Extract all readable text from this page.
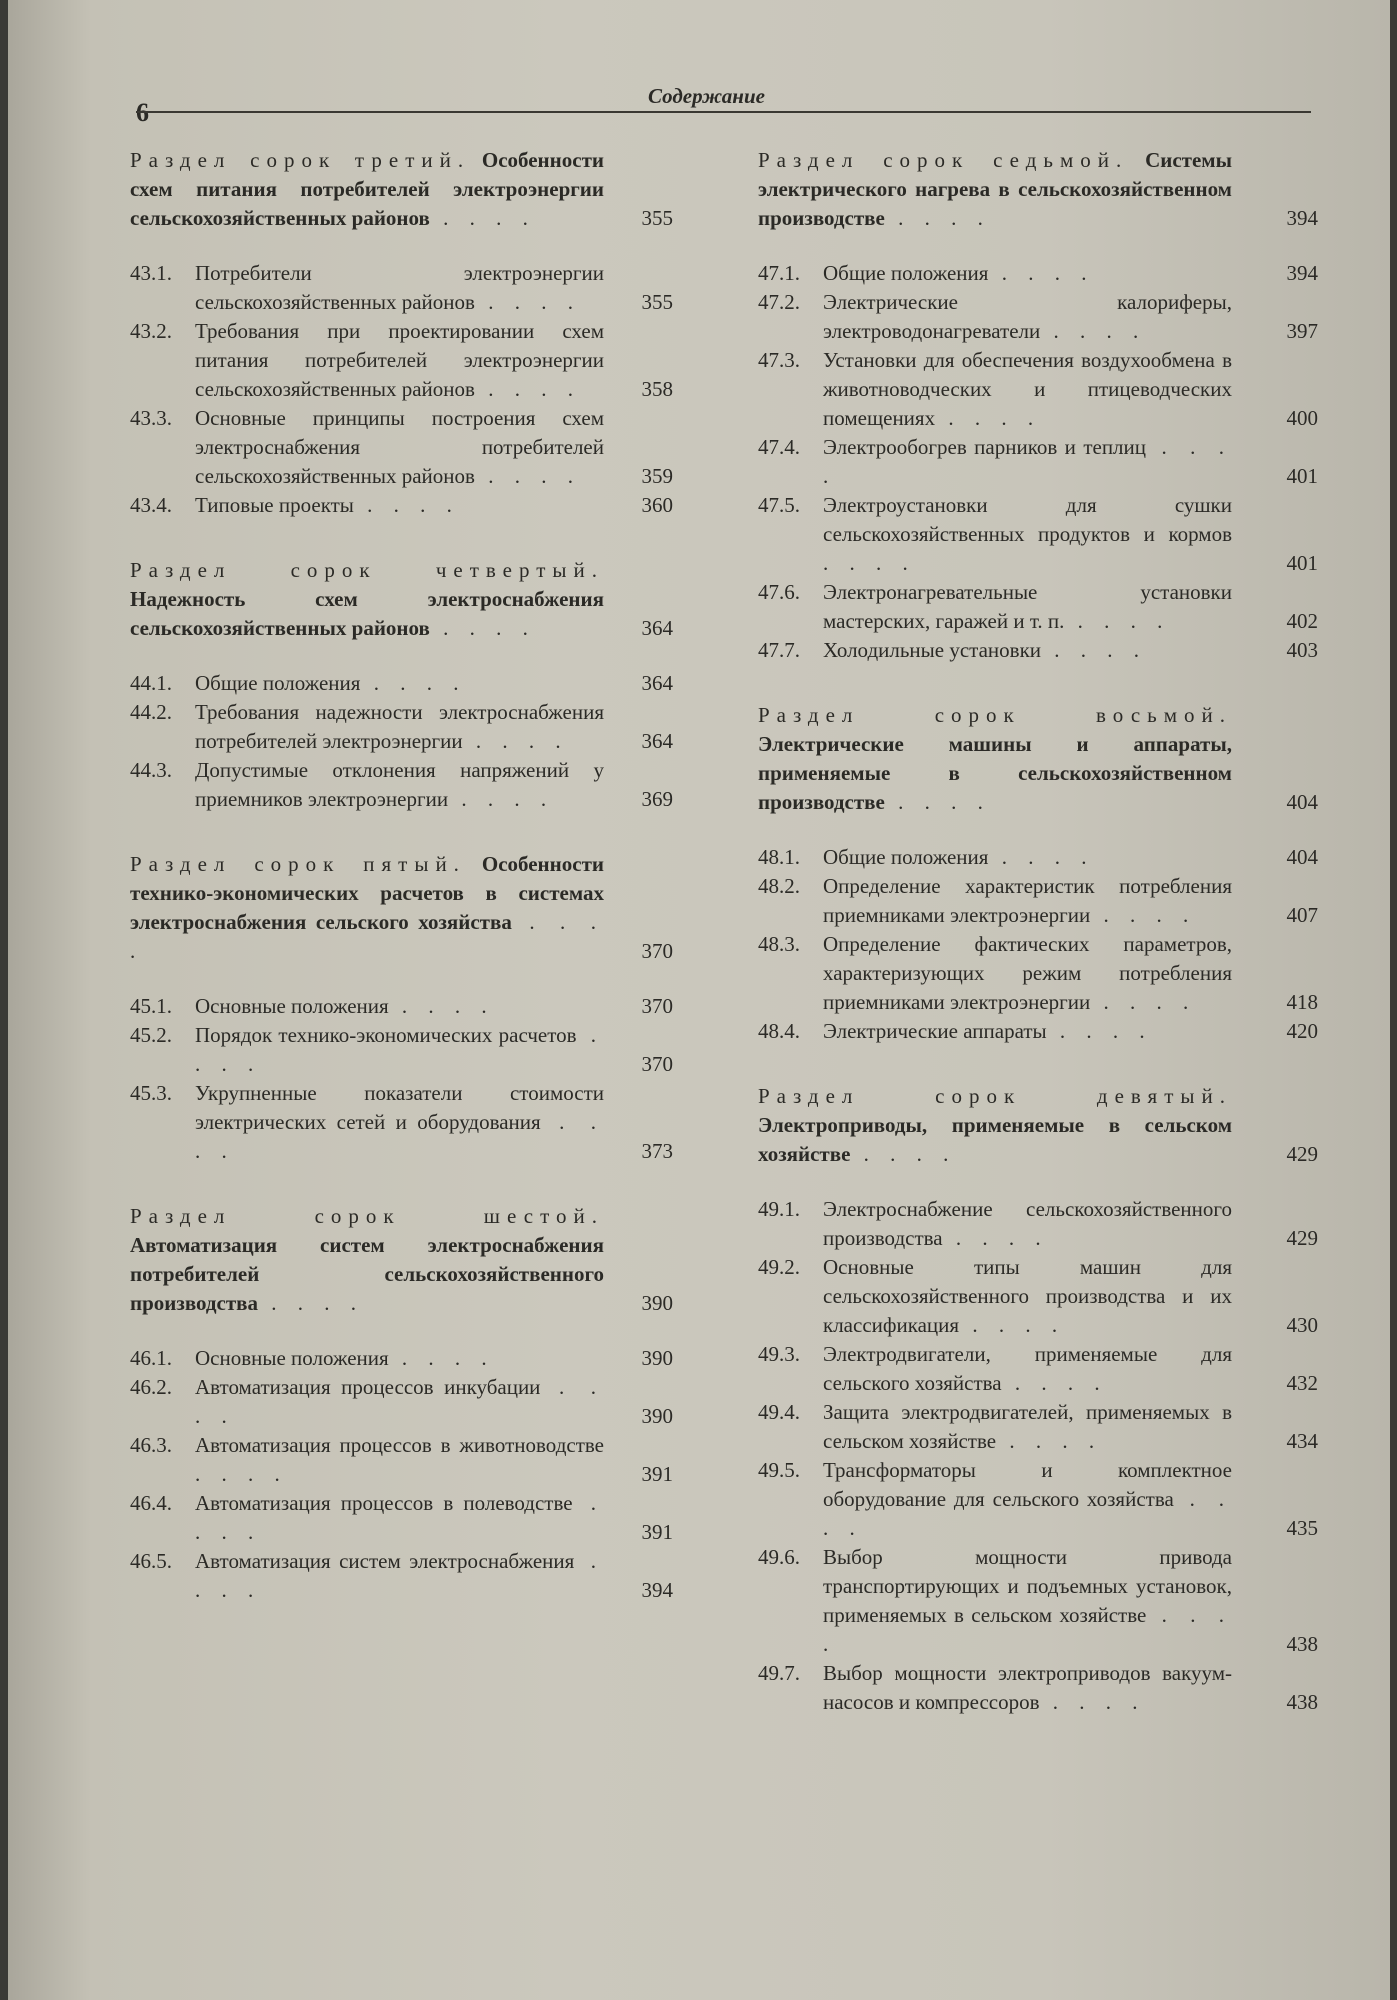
6
Содержание
Раздел сорок третий. Особенности схем питания потребителей электроэнергии сельскохозяйственных районов . . . .	355
43.1.	Потребители электроэнергии сельскохозяйственных районов . . . .	355
43.2.	Требования при проектировании схем питания потребителей электроэнергии сельскохозяйственных районов . . . .	358
43.3.	Основные принципы построения схем электроснабжения потребителей сельскохозяйственных районов . . . .	359
43.4.	Типовые проекты . . . .	360
Раздел сорок четвертый. Надежность схем электроснабжения сельскохозяйственных районов . . . .	364
44.1.	Общие положения . . . .	364
44.2.	Требования надежности электроснабжения потребителей электроэнергии . . . .	364
44.3.	Допустимые отклонения напряжений у приемников электроэнергии . . . .	369
Раздел сорок пятый. Особенности технико-экономических расчетов в системах электроснабжения сельского хозяйства . . . .	370
45.1.	Основные положения . . . .	370
45.2.	Порядок технико-экономических расчетов . . . .	370
45.3.	Укрупненные показатели стоимости электрических сетей и оборудования . . . .	373
Раздел сорок шестой. Автоматизация систем электроснабжения потребителей сельскохозяйственного производства . . . .	390
46.1.	Основные положения . . . .	390
46.2.	Автоматизация процессов инкубации . . . .	390
46.3.	Автоматизация процессов в животноводстве . . . .	391
46.4.	Автоматизация процессов в полеводстве . . . .	391
46.5.	Автоматизация систем электроснабжения . . . .	394
Раздел сорок седьмой. Системы электрического нагрева в сельскохозяйственном производстве . . . .	394
47.1.	Общие положения . . . .	394
47.2.	Электрические калориферы, электроводонагреватели . . . .	397
47.3.	Установки для обеспечения воздухообмена в животноводческих и птицеводческих помещениях . . . .	400
47.4.	Электрообогрев парников и теплиц . . . .	401
47.5.	Электроустановки для сушки сельскохозяйственных продуктов и кормов . . . .	401
47.6.	Электронагревательные установки мастерских, гаражей и т. п. . . . .	402
47.7.	Холодильные установки . . . .	403
Раздел сорок восьмой. Электрические машины и аппараты, применяемые в сельскохозяйственном производстве . . . .	404
48.1.	Общие положения . . . .	404
48.2.	Определение характеристик потребления приемниками электроэнергии . . . .	407
48.3.	Определение фактических параметров, характеризующих режим потребления приемниками электроэнергии . . . .	418
48.4.	Электрические аппараты . . . .	420
Раздел сорок девятый. Электроприводы, применяемые в сельском хозяйстве . . . .	429
49.1.	Электроснабжение сельскохозяйственного производства . . . .	429
49.2.	Основные типы машин для сельскохозяйственного производства и их классификация . . . .	430
49.3.	Электродвигатели, применяемые для сельского хозяйства . . . .	432
49.4.	Защита электродвигателей, применяемых в сельском хозяйстве . . . .	434
49.5.	Трансформаторы и комплектное оборудование для сельского хозяйства . . . .	435
49.6.	Выбор мощности привода транспортирующих и подъемных установок, применяемых в сельском хозяйстве . . . .	438
49.7.	Выбор мощности электроприводов вакуум-насосов и компрессоров . . . .	438
